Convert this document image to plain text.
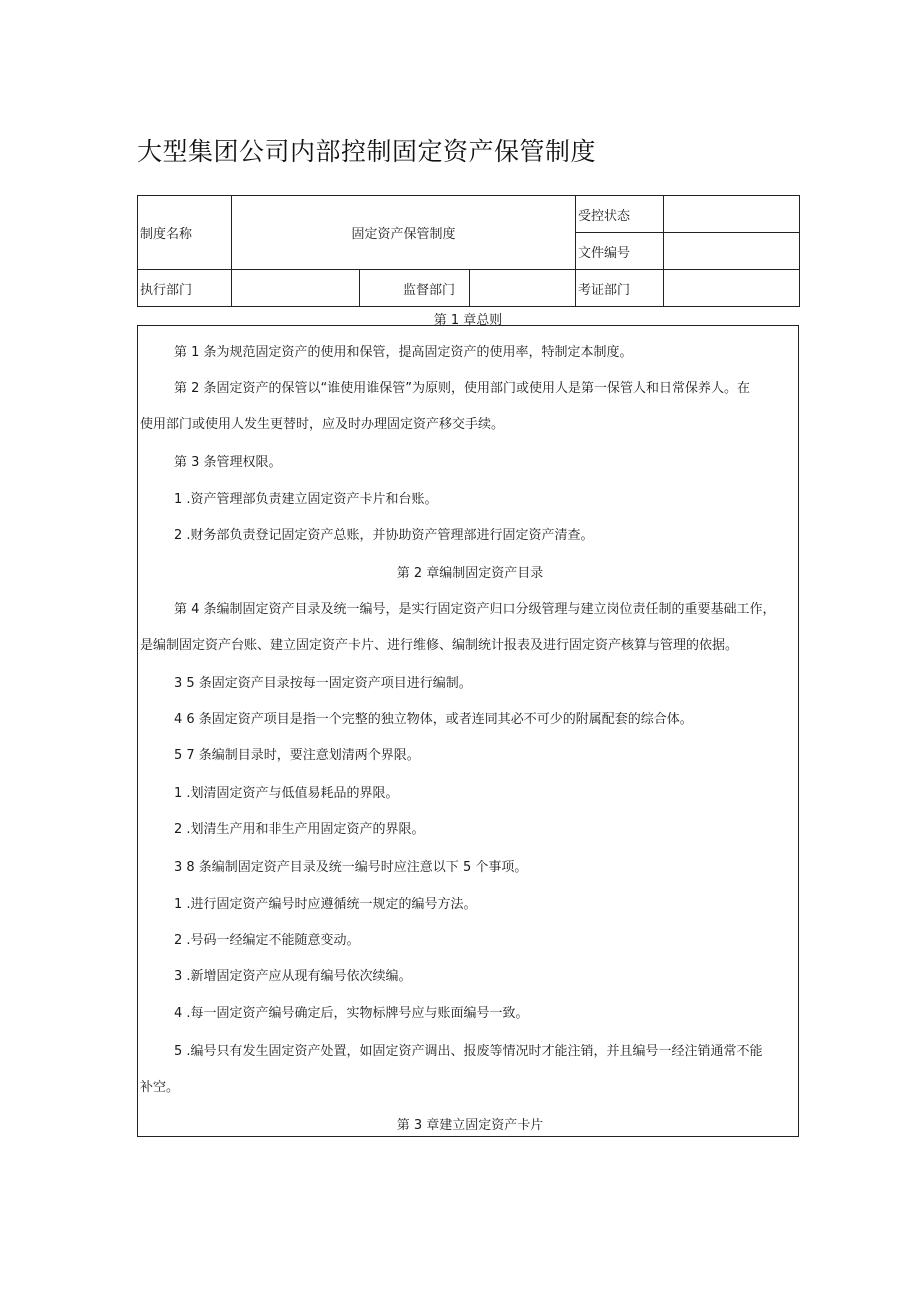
大型集团公司内部控制固定资产保管制度
制度名称	固定资产保管制度			受控状态	
				文件编号	
执行部门		监督部门		考证部门	
第 1 章总则
第 1 条为规范固定资产的使用和保管，提高固定资产的使用率，特制定本制度。
第 2 条固定资产的保管以“谁使用谁保管”为原则，使用部门或使用人是第一保管人和日常保养人。在
使用部门或使用人发生更替时，应及时办理固定资产移交手续。
第 3 条管理权限。
1 .资产管理部负责建立固定资产卡片和台账。
2 .财务部负责登记固定资产总账，并协助资产管理部进行固定资产清查。
第 2 章编制固定资产目录
第 4 条编制固定资产目录及统一编号，是实行固定资产归口分级管理与建立岗位责任制的重要基础工作，
是编制固定资产台账、建立固定资产卡片、进行维修、编制统计报表及进行固定资产核算与管理的依据。
3 5 条固定资产目录按每一固定资产项目进行编制。
4 6 条固定资产项目是指一个完整的独立物体，或者连同其必不可少的附属配套的综合体。
5 7 条编制目录时，要注意划清两个界限。
1 .划清固定资产与低值易耗品的界限。
2 .划清生产用和非生产用固定资产的界限。
3 8 条编制固定资产目录及统一编号时应注意以下 5 个事项。
1 .进行固定资产编号时应遵循统一规定的编号方法。
2 .号码一经编定不能随意变动。
3 .新增固定资产应从现有编号依次续编。
4 .每一固定资产编号确定后，实物标牌号应与账面编号一致。
5 .编号只有发生固定资产处置，如固定资产调出、报废等情况时才能注销，并且编号一经注销通常不能
补空。
第 3 章建立固定资产卡片
